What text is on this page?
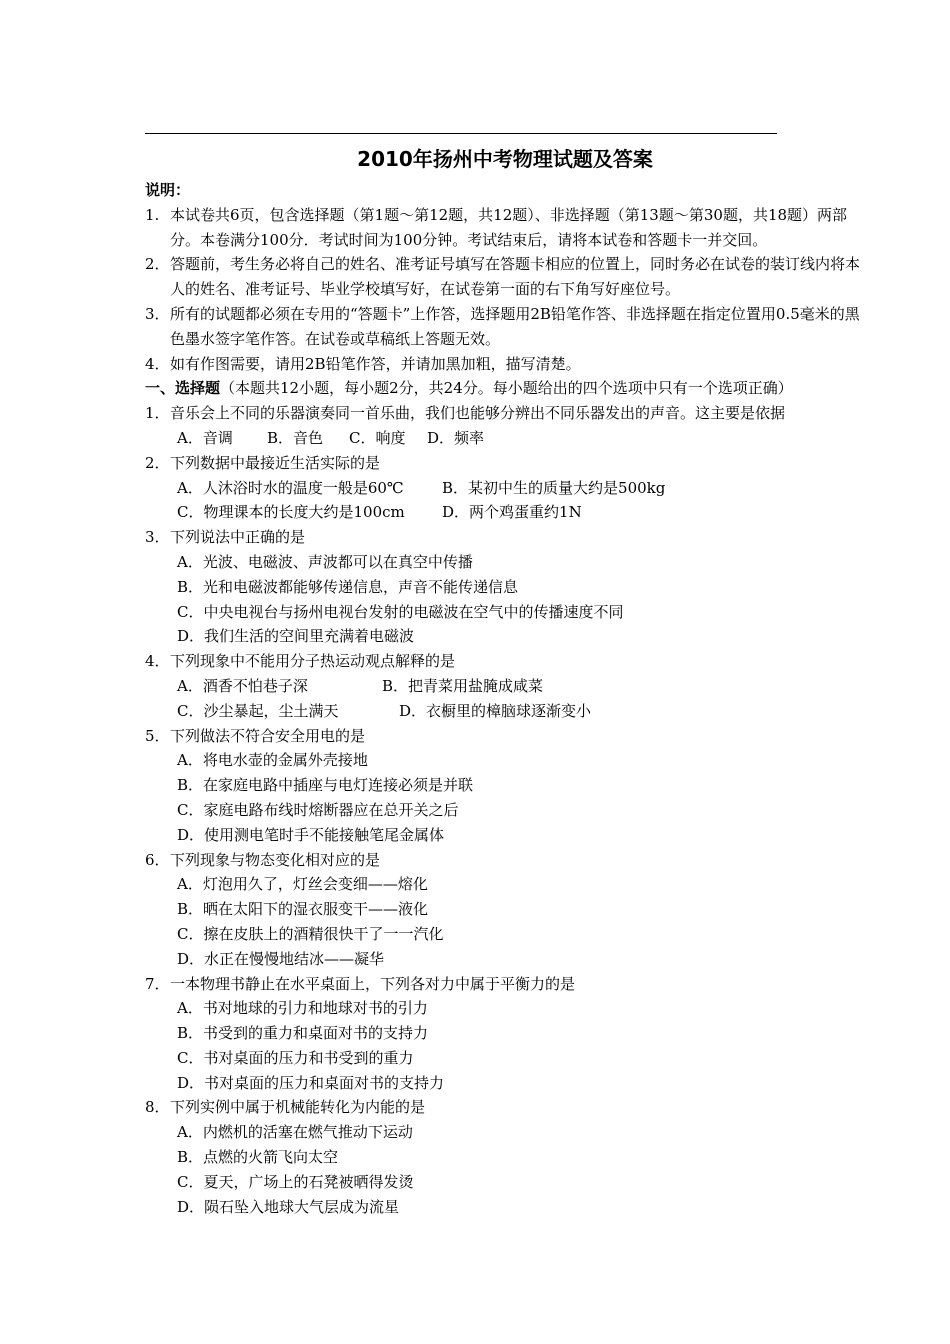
2010年扬州中考物理试题及答案
说明：
1. 本试卷共6页，包含选择题（第1题～第12题，共12题）、非选择题（第13题～第30题，共18题）两部分。本卷满分100分．考试时间为100分钟。考试结束后，请将本试卷和答题卡一并交回。
2． 答题前，考生务必将自己的姓名、准考证号填写在答题卡相应的位置上，同时务必在试卷的装订线内将本人的姓名、准考证号、毕业学校填写好，在试卷第一面的右下角写好座位号。
3． 所有的试题都必须在专用的“答题卡”上作答，选择题用2B铅笔作答、非选择题在指定位置用0.5毫米的黑色墨水签字笔作答。在试卷或草稿纸上答题无效。
4． 如有作图需要，请用2B铅笔作答，并请加黑加粗，描写清楚。
一、选择题（本题共12小题，每小题2分，共24分。每小题给出的四个选项中只有一个选项正确）
1．音乐会上不同的乐器演奏同一首乐曲，我们也能够分辨出不同乐器发出的声音。这主要是依据
A．音调	B．音色	C．响度	D．频率
2．下列数据中最接近生活实际的是
A．人沐浴时水的温度一般是60℃	B．某初中生的质量大约是500kg
C．物理课本的长度大约是100cm	D．两个鸡蛋重约1N
3．下列说法中正确的是
A．光波、电磁波、声波都可以在真空中传播
B．光和电磁波都能够传递信息，声音不能传递信息
C．中央电视台与扬州电视台发射的电磁波在空气中的传播速度不同
D．我们生活的空间里充满着电磁波
4．下列现象中不能用分子热运动观点解释的是
A．酒香不怕巷子深	B．把青菜用盐腌成咸菜
C．沙尘暴起，尘土满天	D．衣橱里的樟脑球逐渐变小
5．下列做法不符合安全用电的是
A．将电水壶的金属外壳接地
B．在家庭电路中插座与电灯连接必须是并联
C．家庭电路布线时熔断器应在总开关之后
D．使用测电笔时手不能接触笔尾金属体
6．下列现象与物态变化相对应的是
A．灯泡用久了，灯丝会变细——熔化
B．晒在太阳下的湿衣服变干——液化
C．擦在皮肤上的酒精很快干了一一汽化
D．水正在慢慢地结冰——凝华
7．一本物理书静止在水平桌面上，下列各对力中属于平衡力的是
A．书对地球的引力和地球对书的引力
B．书受到的重力和桌面对书的支持力
C．书对桌面的压力和书受到的重力
D．书对桌面的压力和桌面对书的支持力
8．下列实例中属于机械能转化为内能的是
A．内燃机的活塞在燃气推动下运动
B．点燃的火箭飞向太空
C．夏天，广场上的石凳被晒得发烫
D．陨石坠入地球大气层成为流星
